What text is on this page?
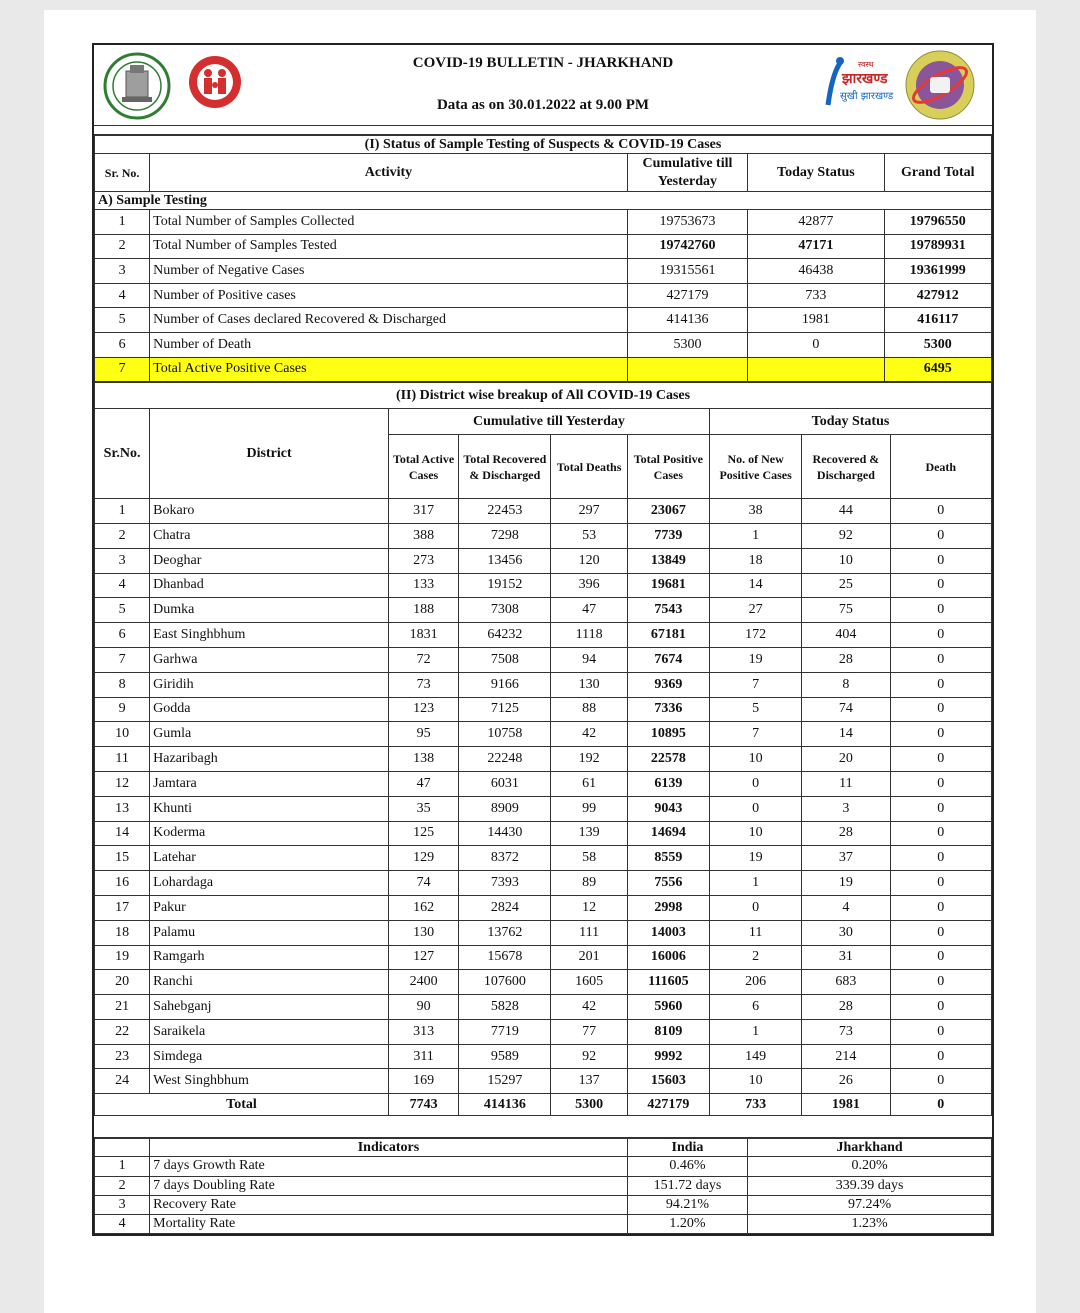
COVID-19 BULLETIN - JHARKHAND
Data as on 30.01.2022 at 9.00 PM
स्वस्थ
झारखण्ड
सुखी झारखण्ड
(I) Status of Sample Testing of Suspects & COVID-19 Cases				
Sr. No.	Activity	Cumulative till Yesterday	Today Status	Grand Total
A) Sample Testing				
1	Total Number of Samples Collected	19753673	42877	19796550
2	Total Number of Samples Tested	19742760	47171	19789931
3	Number of Negative Cases	19315561	46438	19361999
4	Number of Positive cases	427179	733	427912
5	Number of Cases declared Recovered & Discharged	414136	1981	416117
6	Number of Death	5300	0	5300
7	Total Active Positive Cases			6495
(II) District wise breakup of All COVID-19 Cases								
Sr.No.	District	Cumulative till Yesterday				Today Status		
		Total Active Cases	Total Recovered & Discharged	Total Deaths	Total Positive Cases	No. of New Positive Cases	Recovered & Discharged	Death
1	Bokaro	317	22453	297	23067	38	44	0
2	Chatra	388	7298	53	7739	1	92	0
3	Deoghar	273	13456	120	13849	18	10	0
4	Dhanbad	133	19152	396	19681	14	25	0
5	Dumka	188	7308	47	7543	27	75	0
6	East Singhbhum	1831	64232	1118	67181	172	404	0
7	Garhwa	72	7508	94	7674	19	28	0
8	Giridih	73	9166	130	9369	7	8	0
9	Godda	123	7125	88	7336	5	74	0
10	Gumla	95	10758	42	10895	7	14	0
11	Hazaribagh	138	22248	192	22578	10	20	0
12	Jamtara	47	6031	61	6139	0	11	0
13	Khunti	35	8909	99	9043	0	3	0
14	Koderma	125	14430	139	14694	10	28	0
15	Latehar	129	8372	58	8559	19	37	0
16	Lohardaga	74	7393	89	7556	1	19	0
17	Pakur	162	2824	12	2998	0	4	0
18	Palamu	130	13762	111	14003	11	30	0
19	Ramgarh	127	15678	201	16006	2	31	0
20	Ranchi	2400	107600	1605	111605	206	683	0
21	Sahebganj	90	5828	42	5960	6	28	0
22	Saraikela	313	7719	77	8109	1	73	0
23	Simdega	311	9589	92	9992	149	214	0
24	West Singhbhum	169	15297	137	15603	10	26	0
Total		7743	414136	5300	427179	733	1981	0
	Indicators	India	Jharkhand
1	7 days Growth Rate	0.46%	0.20%
2	7 days Doubling Rate	151.72 days	339.39 days
3	Recovery Rate	94.21%	97.24%
4	Mortality Rate	1.20%	1.23%
